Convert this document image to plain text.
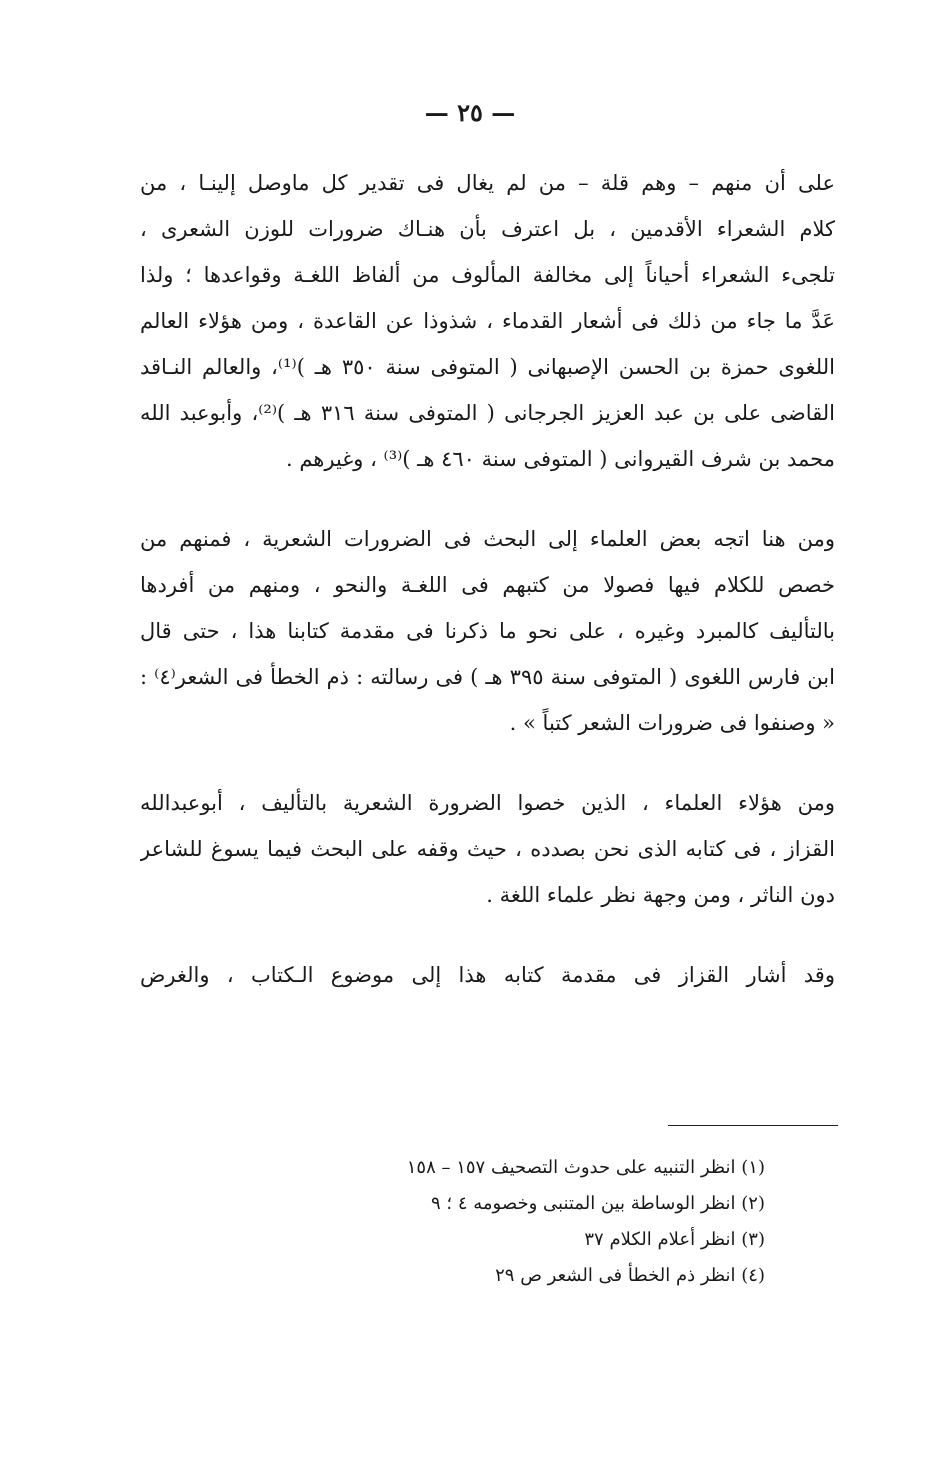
— ٢٥ —
على أن منهم – وهم قلة – من لم يغال فى تقدير كل ماوصل إلينـا ، من
كلام الشعراء الأقدمين ، بل اعترف بأن هنـاك ضرورات للوزن الشعرى ،
تلجىء الشعراء أحياناً إلى مخالفة المألوف من ألفاظ اللغـة وقواعدها ؛ ولذا
عَدَّ ما جاء من ذلك فى أشعار القدماء ، شذوذا عن القاعدة ، ومن هؤلاء العالم
اللغوى حمزة بن الحسن الإصبهانى ( المتوفى سنة ٣٥٠ هـ )⁽¹⁾، والعالم النـاقد
القاضى على بن عبد العزيز الجرجانى ( المتوفى سنة ٣١٦ هـ )⁽²⁾، وأبوعبد الله
محمد بن شرف القيروانى ( المتوفى سنة ٤٦٠ هـ )⁽³⁾ ، وغيرهم .
ومن هنا اتجه بعض العلماء إلى البحث فى الضرورات الشعرية ، فمنهم من
خصص للكلام فيها فصولا من كتبهم فى اللغـة والنحو ، ومنهم من أفردها
بالتأليف كالمبرد وغيره ، على نحو ما ذكرنا فى مقدمة كتابنا هذا ، حتى قال
ابن فارس اللغوى ( المتوفى سنة ٣٩٥ هـ ) فى رسالته : ذم الخطأ فى الشعر⁽٤⁾ :
« وصنفوا فى ضرورات الشعر كتباً » .
ومن هؤلاء العلماء ، الذين خصوا الضرورة الشعرية بالتأليف ، أبوعبدالله
القزاز ، فى كتابه الذى نحن بصدده ، حيث وقفه على البحث فيما يسوغ للشاعر
دون الناثر ، ومن وجهة نظر علماء اللغة .
وقد أشار القزاز فى مقدمة كتابه هذا إلى موضوع الـكتاب ، والغرض
(١) انظر التنبيه على حدوث التصحيف ١٥٧ – ١٥٨
(٢) انظر الوساطة بين المتنبى وخصومه ٤ ؛ ٩
(٣) انظر أعلام الكلام ٣٧
(٤) انظر ذم الخطأ فى الشعر ص ٢٩
